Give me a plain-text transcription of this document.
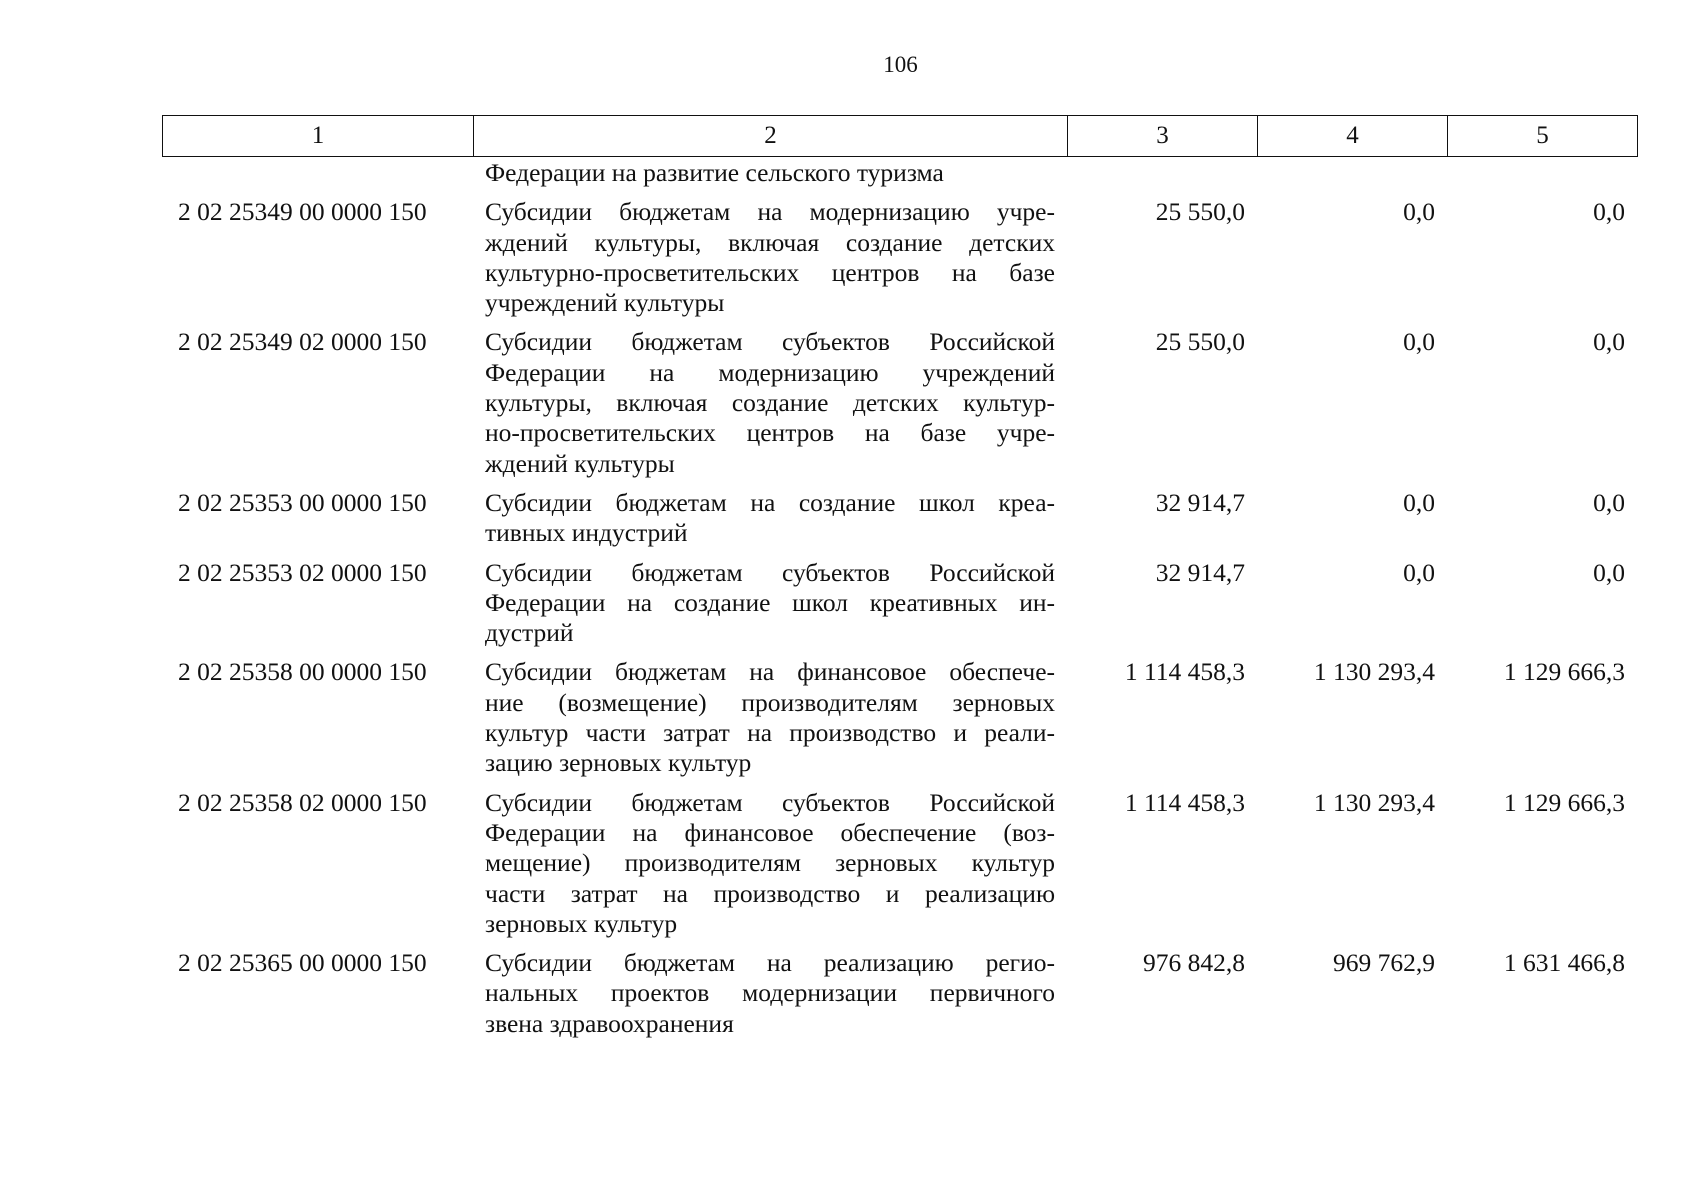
106
1	2	3	4	5
	Федерации на развитие сельского туризма			
2 02 25349 00 0000 150	Субсидии бюджетам на модернизацию учре-
ждений культуры, включая создание детских
культурно-просветительских центров на базе
учреждений культуры	25 550,0	0,0	0,0
2 02 25349 02 0000 150	Субсидии бюджетам субъектов Российской
Федерации на модернизацию учреждений
культуры, включая создание детских культур-
но-просветительских центров на базе учре-
ждений культуры	25 550,0	0,0	0,0
2 02 25353 00 0000 150	Субсидии бюджетам на создание школ креа-
тивных индустрий	32 914,7	0,0	0,0
2 02 25353 02 0000 150	Субсидии бюджетам субъектов Российской
Федерации на создание школ креативных ин-
дустрий	32 914,7	0,0	0,0
2 02 25358 00 0000 150	Субсидии бюджетам на финансовое обеспече-
ние (возмещение) производителям зерновых
культур части затрат на производство и реали-
зацию зерновых культур	1 114 458,3	1 130 293,4	1 129 666,3
2 02 25358 02 0000 150	Субсидии бюджетам субъектов Российской
Федерации на финансовое обеспечение (воз-
мещение) производителям зерновых культур
части затрат на производство и реализацию
зерновых культур	1 114 458,3	1 130 293,4	1 129 666,3
2 02 25365 00 0000 150	Субсидии бюджетам на реализацию регио-
нальных проектов модернизации первичного
звена здравоохранения	976 842,8	969 762,9	1 631 466,8
